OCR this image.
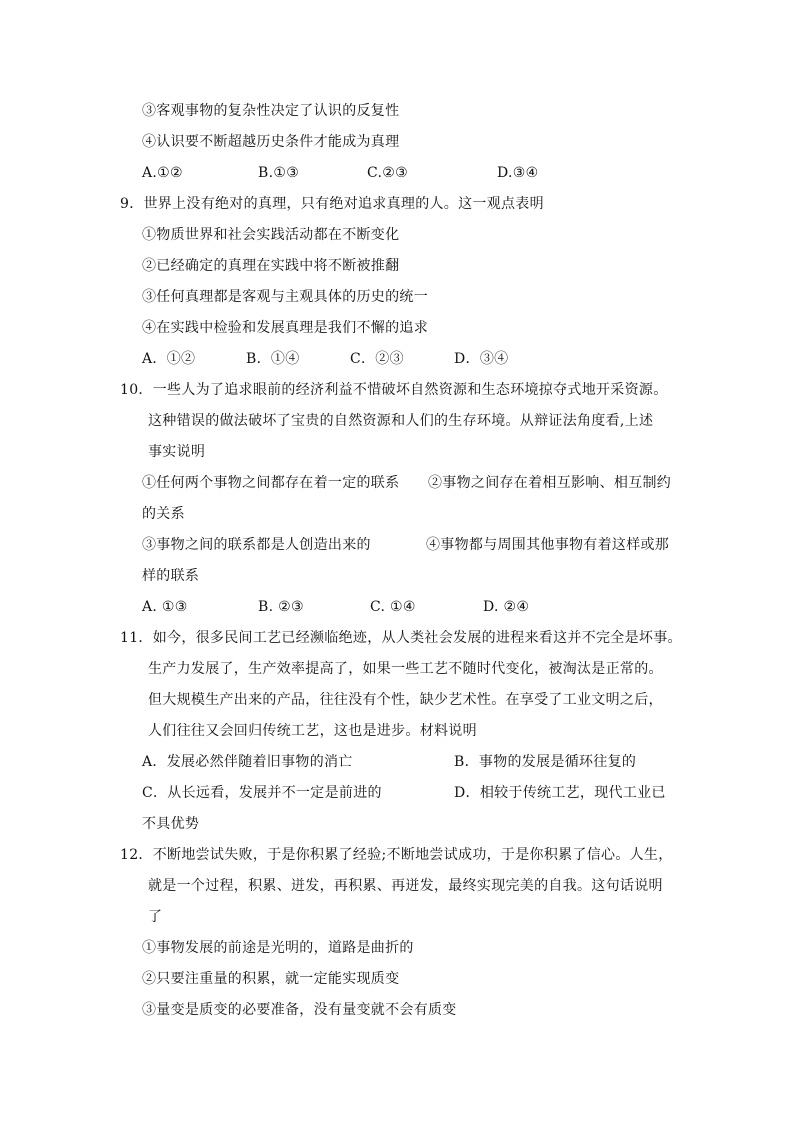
③客观事物的复杂性决定了认识的反复性
④认识要不断超越历史条件才能成为真理
A.①②	B.①③	C.②③	D.③④
9．世界上没有绝对的真理，只有绝对追求真理的人。这一观点表明
①物质世界和社会实践活动都在不断变化
②已经确定的真理在实践中将不断被推翻
③任何真理都是客观与主观具体的历史的统一
④在实践中检验和发展真理是我们不懈的追求
A．①②	B．①④	C．②③	D．③④
10．一些人为了追求眼前的经济利益不惜破坏自然资源和生态环境掠夺式地开采资源。
这种错误的做法破坏了宝贵的自然资源和人们的生存环境。从辩证法角度看,上述
事实说明
①任何两个事物之间都存在着一定的联系 ②事物之间存在着相互影响、相互制约
的关系
③事物之间的联系都是人创造出来的	④事物都与周围其他事物有着这样或那
样的联系
A. ①③	B. ②③	C. ①④	D. ②④
11．如今，很多民间工艺已经濒临绝迹，从人类社会发展的进程来看这并不完全是坏事。
生产力发展了，生产效率提高了，如果一些工艺不随时代变化，被淘汰是正常的。
但大规模生产出来的产品，往往没有个性，缺少艺术性。在享受了工业文明之后，
人们往往又会回归传统工艺，这也是进步。材料说明
A．发展必然伴随着旧事物的消亡	B．事物的发展是循环往复的
C．从长远看，发展并不一定是前进的	D．相较于传统工艺，现代工业已
不具优势
12．不断地尝试失败，于是你积累了经验;不断地尝试成功，于是你积累了信心。人生，
就是一个过程，积累、迸发，再积累、再迸发，最终实现完美的自我。这句话说明
了
①事物发展的前途是光明的，道路是曲折的
②只要注重量的积累，就一定能实现质变
③量变是质变的必要准备，没有量变就不会有质变
